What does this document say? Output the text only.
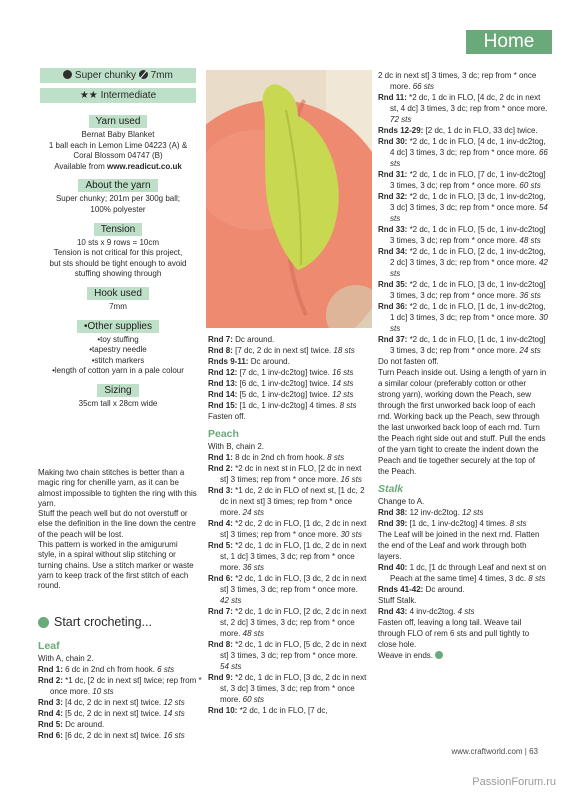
Home
Super chunky 7mm
★★ Intermediate
Yarn used
Bernat Baby Blanket
1 ball each in Lemon Lime 04223 (A) &
Coral Blossom 04747 (B)
Available from www.readicut.co.uk
About the yarn
Super chunky; 201m per 300g ball;
100% polyester
Tension
10 sts x 9 rows = 10cm
Tension is not critical for this project,
but sts should be tight enough to avoid
stuffing showing through
Hook used
7mm
• Other supplies
• toy stuffing
• tapestry needle
• stitch markers
• length of cotton yarn in a pale colour
Sizing
35cm tall x 28cm wide
Making two chain stitches is better than a magic ring for chenille yarn, as it can be almost impossible to tighten the ring with this yarn.
Stuff the peach well but do not overstuff or else the definition in the line down the centre of the peach will be lost.
This pattern is worked in the amigurumi style, in a spiral without slip stitching or turning chains. Use a stitch marker or waste yarn to keep track of the first stitch of each round.
Start crocheting...
Leaf
With A, chain 2.
Rnd 1: 6 dc in 2nd ch from hook. 6 sts
Rnd 2: *1 dc, [2 dc in next st] twice; rep from * once more. 10 sts
Rnd 3: [4 dc, 2 dc in next st] twice. 12 sts
Rnd 4: [5 dc, 2 dc in next st] twice. 14 sts
Rnd 5: Dc around.
Rnd 6: [6 dc, 2 dc in next st] twice. 16 sts
Rnd 7: Dc around.
Rnd 8: [7 dc, 2 dc in next st] twice. 18 sts
Rnds 9-11: Dc around.
Rnd 12: [7 dc, 1 inv-dc2tog] twice. 16 sts
Rnd 13: [6 dc, 1 inv-dc2tog] twice. 14 sts
Rnd 14: [5 dc, 1 inv-dc2tog] twice. 12 sts
Rnd 15: [1 dc, 1 inv-dc2tog] 4 times. 8 sts
Fasten off.
Peach
With B, chain 2.
Rnd 1: 8 dc in 2nd ch from hook. 8 sts
Rnd 2: *2 dc in next st in FLO, [2 dc in next st] 3 times; rep from * once more. 16 sts
Rnd 3: *1 dc, 2 dc in FLO of next st, [1 dc, 2 dc in next st] 3 times; rep from * once more. 24 sts
Rnd 4: *2 dc, 2 dc in FLO, [1 dc, 2 dc in next st] 3 times; rep from * once more. 30 sts
Rnd 5: *2 dc, 1 dc in FLO, [1 dc, 2 dc in next st, 1 dc] 3 times, 3 dc; rep from * once more. 36 sts
Rnd 6: *2 dc, 1 dc in FLO, [3 dc, 2 dc in next st] 3 times, 3 dc; rep from * once more. 42 sts
Rnd 7: *2 dc, 1 dc in FLO, [2 dc, 2 dc in next st, 2 dc] 3 times, 3 dc; rep from * once more. 48 sts
Rnd 8: *2 dc, 1 dc in FLO, [5 dc, 2 dc in next st] 3 times, 3 dc; rep from * once more. 54 sts
Rnd 9: *2 dc, 1 dc in FLO, [3 dc, 2 dc in next st, 3 dc] 3 times, 3 dc; rep from * once more. 60 sts
Rnd 10: *2 dc, 1 dc in FLO, [7 dc,
2 dc in next st] 3 times, 3 dc; rep from * once more. 66 sts
Rnd 11: *2 dc, 1 dc in FLO, [4 dc, 2 dc in next st, 4 dc] 3 times, 3 dc; rep from * once more. 72 sts
Rnds 12-29: [2 dc, 1 dc in FLO, 33 dc] twice.
Rnd 30: *2 dc, 1 dc in FLO, [4 dc, 1 inv-dc2tog, 4 dc] 3 times, 3 dc; rep from * once more. 66 sts
Rnd 31: *2 dc, 1 dc in FLO, [7 dc, 1 inv-dc2tog] 3 times, 3 dc; rep from * once more. 60 sts
Rnd 32: *2 dc, 1 dc in FLO, [3 dc, 1 inv-dc2tog, 3 dc] 3 times, 3 dc; rep from * once more. 54 sts
Rnd 33: *2 dc, 1 dc in FLO, [5 dc, 1 inv-dc2tog] 3 times, 3 dc; rep from * once more. 48 sts
Rnd 34: *2 dc, 1 dc in FLO, [2 dc, 1 inv-dc2tog, 2 dc] 3 times, 3 dc; rep from * once more. 42 sts
Rnd 35: *2 dc, 1 dc in FLO, [3 dc, 1 inv-dc2tog] 3 times, 3 dc; rep from * once more. 36 sts
Rnd 36: *2 dc, 1 dc in FLO, [1 dc, 1 inv-dc2tog, 1 dc] 3 times, 3 dc; rep from * once more. 30 sts
Rnd 37: *2 dc, 1 dc in FLO, [1 dc, 1 inv-dc2tog] 3 times, 3 dc; rep from * once more. 24 sts
Do not fasten off.
Turn Peach inside out. Using a length of yarn in a similar colour (preferably cotton or other strong yarn), working down the Peach, sew through the first unworked back loop of each rnd. Working back up the Peach, sew through the last unworked back loop of each rnd. Turn the Peach right side out and stuff. Pull the ends of the yarn tight to create the indent down the Peach and tie together securely at the top of the Peach.
Stalk
Change to A.
Rnd 38: 12 inv-dc2tog. 12 sts
Rnd 39: [1 dc, 1 inv-dc2tog] 4 times. 8 sts
The Leaf will be joined in the next rnd. Flatten the end of the Leaf and work through both layers.
Rnd 40: 1 dc, [1 dc through Leaf and next st on Peach at the same time] 4 times, 3 dc. 8 sts
Rnds 41-42: Dc around.
Stuff Stalk.
Rnd 43: 4 inv-dc2tog. 4 sts
Fasten off, leaving a long tail. Weave tail through FLO of rem 6 sts and pull tightly to close hole.
Weave in ends.
www.craftworld.com | 63
PassionForum.ru
